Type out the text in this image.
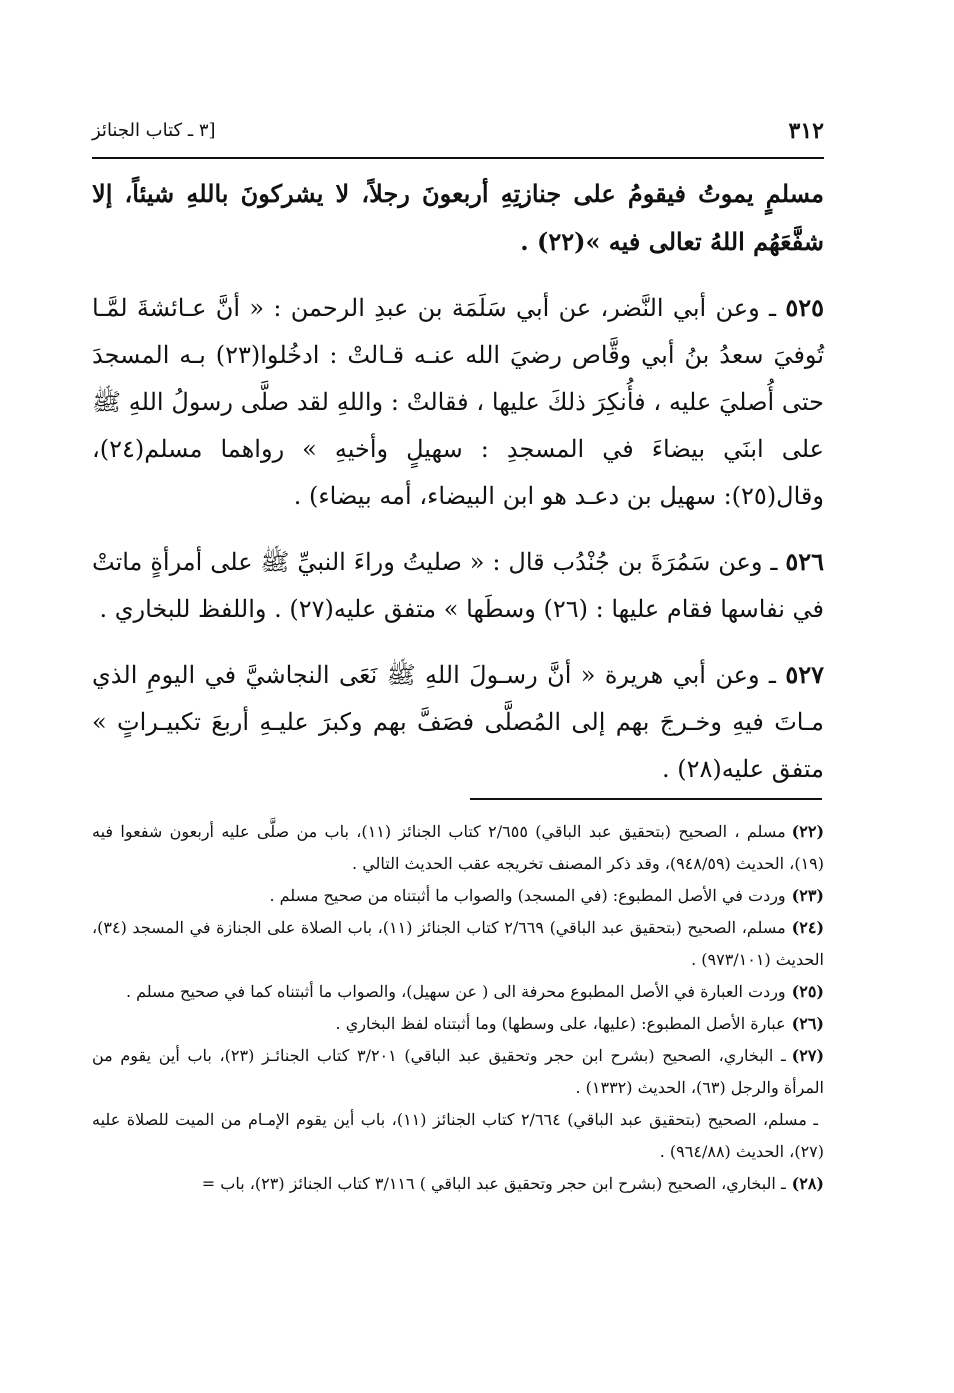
٣١٢
[٣ ـ كتاب الجنائز

مسلمٍ يموتُ فيقومُ على جنازتِهِ أربعونَ رجلاً، لا يشركونَ باللهِ شيئاً، إلا شفَّعَهُم اللهُ تعالى فيه »(٢٢) .

٥٢٥ ـ وعن أبي النَّضر، عن أبي سَلَمَة بن عبدِ الرحمن : « أنَّ عـائشةَ لمَّـا تُوفيَ سعدُ بنُ أبي وقَّاص رضيَ الله عنـه قـالتْ : ادخُلوا(٢٣) بـه المسجدَ حتى أُصليَ عليه ، فأُنكِرَ ذلكَ عليها ، فقالتْ : واللهِ لقد صلَّى رسولُ اللهِ ﷺ على ابنَي بيضاءَ في المسجدِ : سهيلٍ وأخيهِ » رواهما مسلم(٢٤)، وقال(٢٥): سهيل بن دعـد هو ابن البيضاء، أمه بيضاء) .

٥٢٦ ـ وعن سَمُرَةَ بن جُنْدُب قال : « صليتُ وراءَ النبيِّ ﷺ على أمرأةٍ ماتتْ في نفاسها فقام عليها : (٢٦) وسطَها » متفق عليه(٢٧) . واللفظ للبخاري .

٥٢٧ ـ وعن أبي هريرة « أنَّ رسـولَ اللهِ ﷺ نَعَى النجاشيَّ في اليومِ الذي مـاتَ فيهِ وخـرجَ بهم إلى المُصلَّى فصَفَّ بهم وكبرَ عليـهِ أربعَ تكبيـراتٍ » متفق عليه(٢٨) .

(٢٢)مسلم ، الصحيح (بتحقيق عبد الباقي) ٢/٦٥٥ كتاب الجنائز (١١)، باب من صلَّى عليه أربعون شفعوا فيه (١٩)، الحديث (٩٤٨/٥٩)، وقد ذكر المصنف تخريجه عقب الحديث التالي .

(٢٣)وردت في الأصل المطبوع: (في المسجد) والصواب ما أثبتناه من صحيح مسلم .

(٢٤)مسلم، الصحيح (بتحقيق عبد الباقي) ٢/٦٦٩ كتاب الجنائز (١١)، باب الصلاة على الجنازة في المسجد (٣٤)، الحديث (٩٧٣/١٠١) .

(٢٥)وردت العبارة في الأصل المطبوع محرفة الى ( عن سهيل)، والصواب ما أثبتناه كما في صحيح مسلم .

(٢٦)عبارة الأصل المطبوع: (عليها، على وسطها) وما أثبتناه لفظ البخاري .

(٢٧)ـ البخاري، الصحيح (بشرح ابن حجر وتحقيق عبد الباقي) ٣/٢٠١ كتاب الجنائـز (٢٣)، باب أين يقوم من المرأة والرجل (٦٣)، الحديث (١٣٣٢) .

ـ مسلم، الصحيح (بتحقيق عبد الباقي) ٢/٦٦٤ كتاب الجنائز (١١)، باب أين يقوم الإمـام من الميت للصلاة عليه (٢٧)، الحديث (٩٦٤/٨٨) .

(٢٨)ـ البخاري، الصحيح (بشرح ابن حجر وتحقيق عبد الباقي ) ٣/١١٦ كتاب الجنائز (٢٣)، باب =
